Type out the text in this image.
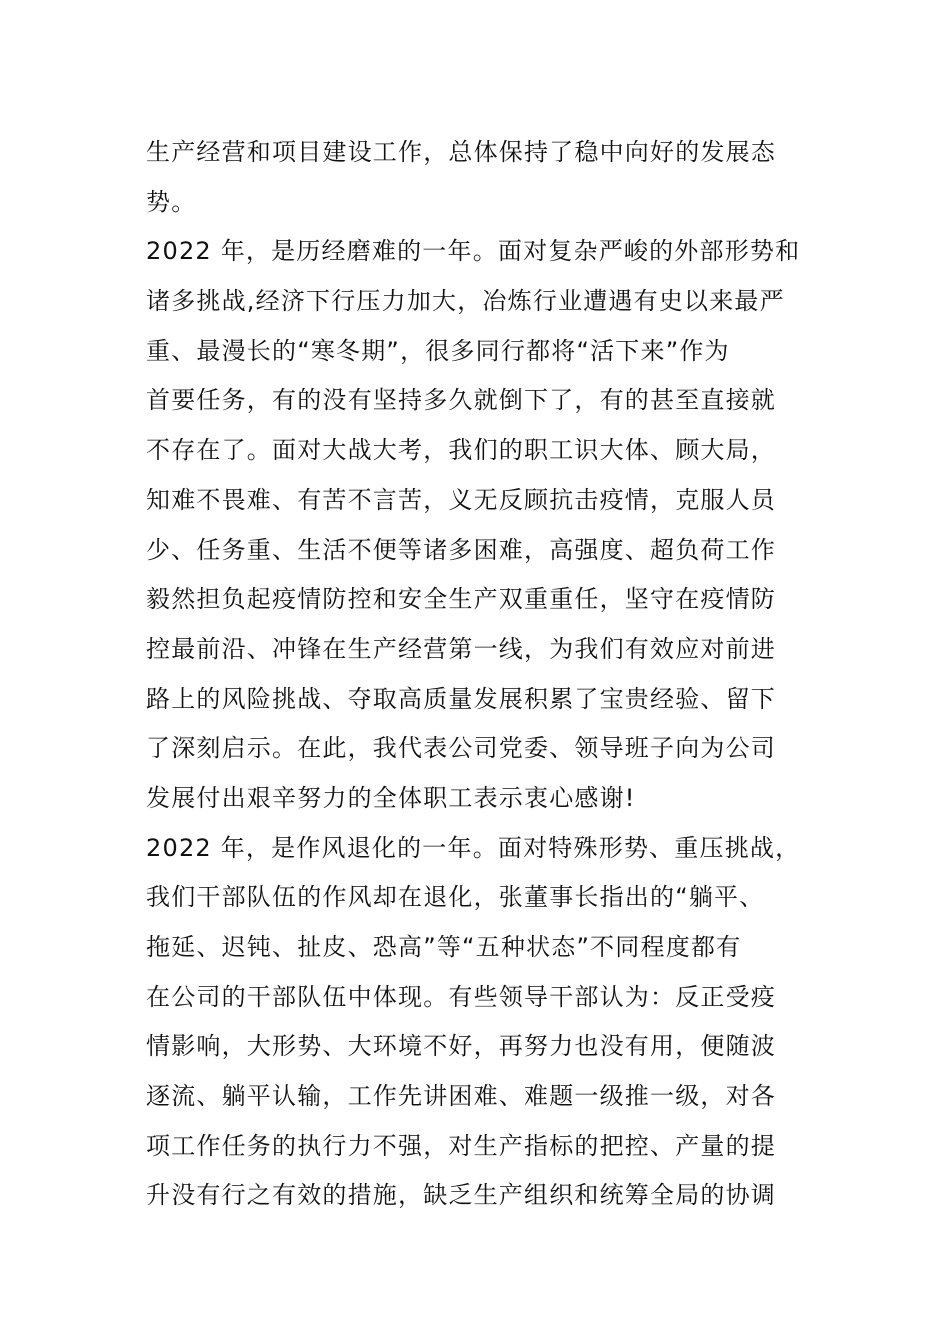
生产经营和项目建设工作，总体保持了稳中向好的发展态
势。
2022 年，是历经磨难的一年。面对复杂严峻的外部形势和
诸多挑战,经济下行压力加大，冶炼行业遭遇有史以来最严
重、最漫长的“寒冬期”，很多同行都将“活下来”作为
首要任务，有的没有坚持多久就倒下了，有的甚至直接就
不存在了。面对大战大考，我们的职工识大体、顾大局，
知难不畏难、有苦不言苦，义无反顾抗击疫情，克服人员
少、任务重、生活不便等诸多困难，高强度、超负荷工作
毅然担负起疫情防控和安全生产双重重任，坚守在疫情防
控最前沿、冲锋在生产经营第一线，为我们有效应对前进
路上的风险挑战、夺取高质量发展积累了宝贵经验、留下
了深刻启示。在此，我代表公司党委、领导班子向为公司
发展付出艰辛努力的全体职工表示衷心感谢!
2022 年，是作风退化的一年。面对特殊形势、重压挑战，
我们干部队伍的作风却在退化，张董事长指出的“躺平、
拖延、迟钝、扯皮、恐高”等“五种状态”不同程度都有
在公司的干部队伍中体现。有些领导干部认为：反正受疫
情影响，大形势、大环境不好，再努力也没有用，便随波
逐流、躺平认输，工作先讲困难、难题一级推一级，对各
项工作任务的执行力不强，对生产指标的把控、产量的提
升没有行之有效的措施，缺乏生产组织和统筹全局的协调
